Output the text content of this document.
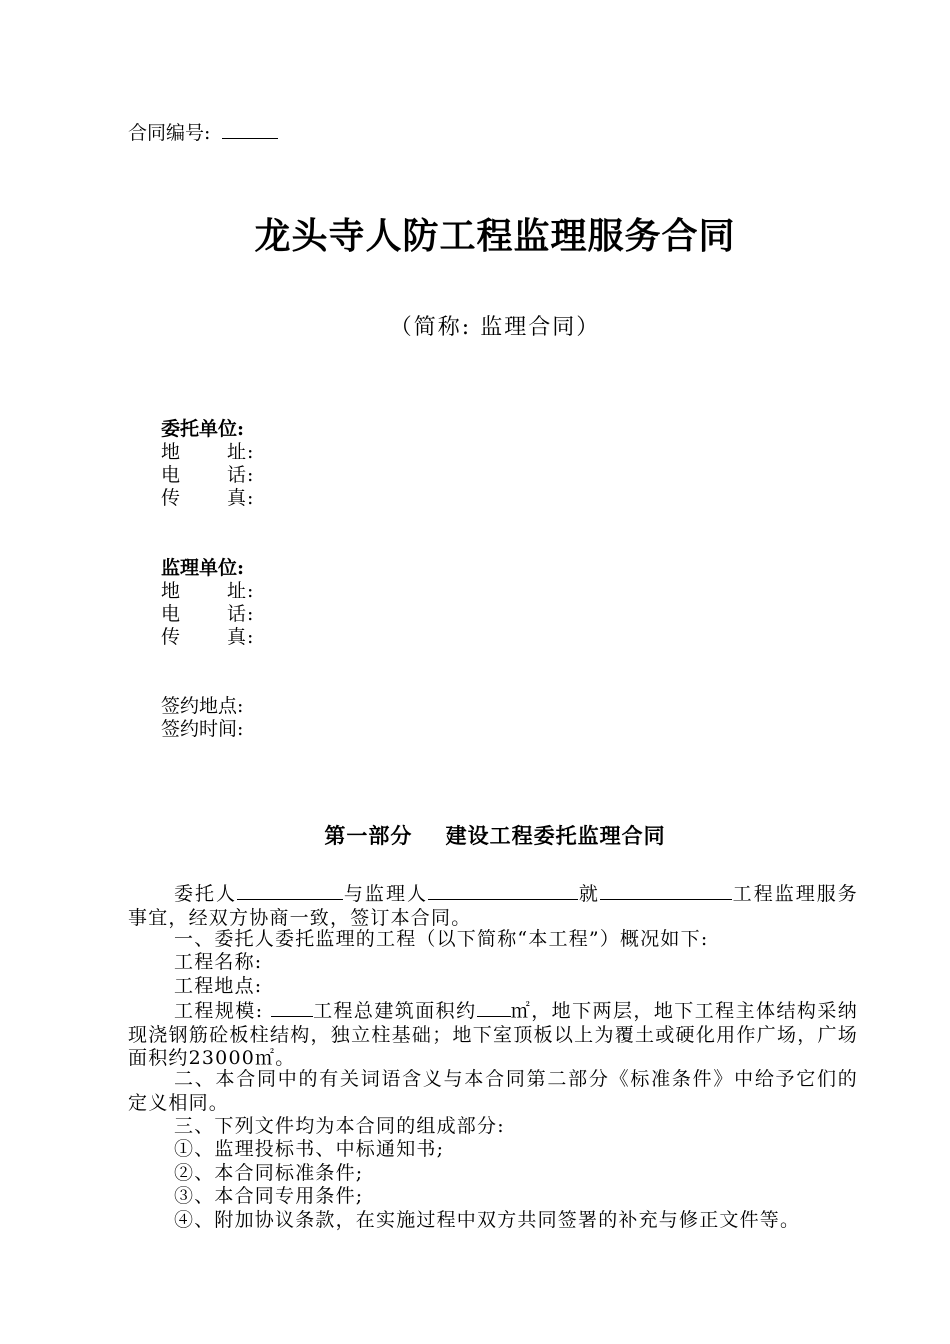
合同编号:
龙头寺人防工程监理服务合同
（简称: 监理合同）
委托单位:
地 址 :
电 话 :
传 真 :
监理单位:
地 址 :
电 话 :
传 真 :
签约地点:
签约时间:
第一部分    建设工程委托监理合同
委托人	与监理人	就	工程监理服务事宜，经双方协商一致，签订本合同。
一、委托人委托监理的工程（以下简称“本工程”）概况如下:
工程名称:
工程地点:
工程规模: 工程总建筑面积约 ㎡，地下两层，地下工程主体结构采纳现浇钢筋砼板柱结构，独立柱基础；地下室顶板以上为覆土或硬化用作广场，广场面积约23000㎡。
二、本合同中的有关词语含义与本合同第二部分《标准条件》中给予它们的定义相同。
三、下列文件均为本合同的组成部分:
①、监理投标书、中标通知书;
②、本合同标准条件;
③、本合同专用条件;
④、附加协议条款，在实施过程中双方共同签署的补充与修正文件等。
